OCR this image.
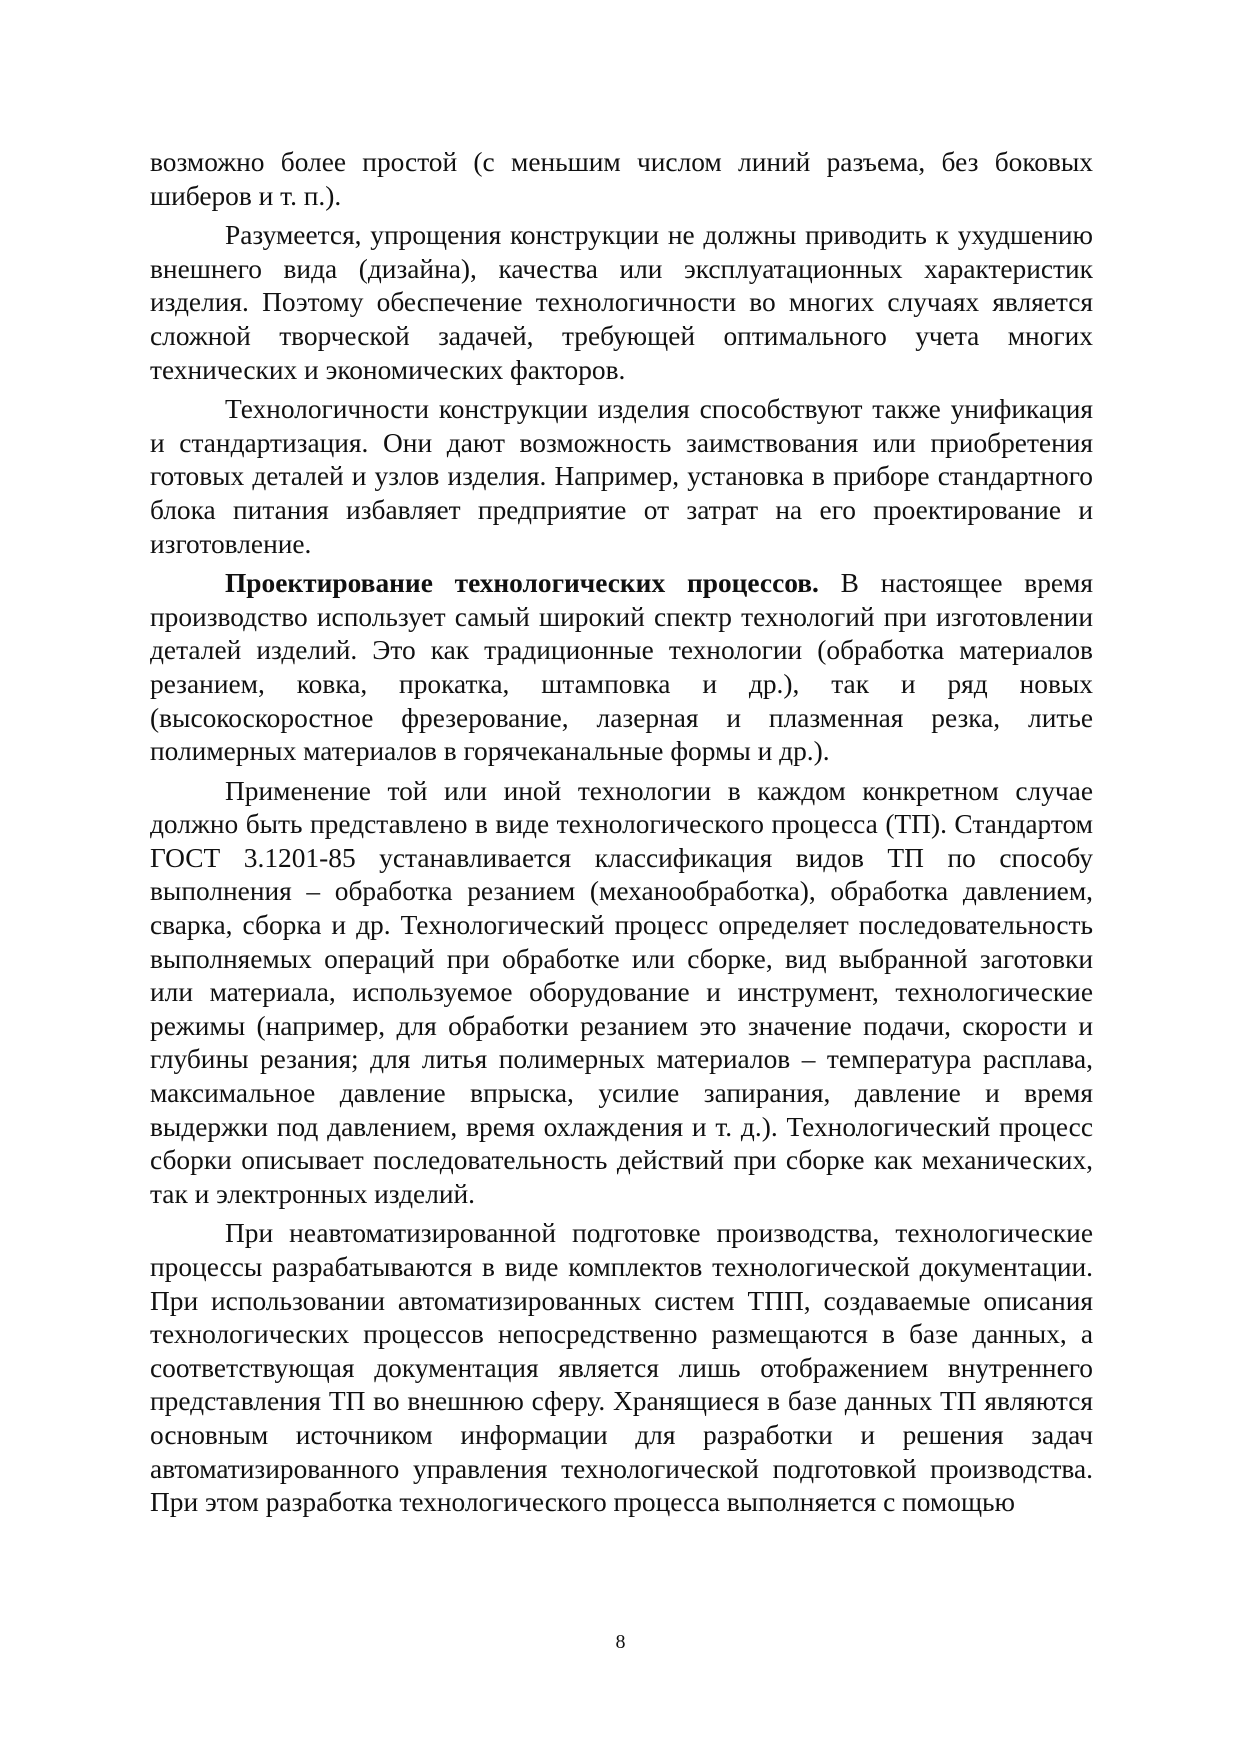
возможно более простой (с меньшим числом линий разъема, без боковых шиберов и т. п.).

Разумеется, упрощения конструкции не должны приводить к ухудшению внешнего вида (дизайна), качества или эксплуатационных характеристик изделия. Поэтому обеспечение технологичности во многих случаях является сложной творческой задачей, требующей оптимального учета многих технических и экономических факторов.

Технологичности конструкции изделия способствуют также унификация и стандартизация. Они дают возможность заимствования или приобретения готовых деталей и узлов изделия. Например, установка в приборе стандартного блока питания избавляет предприятие от затрат на его проектирование и изготовление.

Проектирование технологических процессов. В настоящее время производство использует самый широкий спектр технологий при изготовлении деталей изделий. Это как традиционные технологии (обработка материалов резанием, ковка, прокатка, штамповка и др.), так и ряд новых (высокоскоростное фрезерование, лазерная и плазменная резка, литье полимерных материалов в горячеканальные формы и др.).

Применение той или иной технологии в каждом конкретном случае должно быть представлено в виде технологического процесса (ТП). Стандартом ГОСТ 3.1201-85 устанавливается классификация видов ТП по способу выполнения – обработка резанием (механообработка), обработка давлением, сварка, сборка и др. Технологический процесс определяет последовательность выполняемых операций при обработке или сборке, вид выбранной заготовки или материала, используемое оборудование и инструмент, технологические режимы (например, для обработки резанием это значение подачи, скорости и глубины резания; для литья полимерных материалов – температура расплава, максимальное давление впрыска, усилие запирания, давление и время выдержки под давлением, время охлаждения и т. д.). Технологический процесс сборки описывает последовательность действий при сборке как механических, так и электронных изделий.

При неавтоматизированной подготовке производства, технологические процессы разрабатываются в виде комплектов технологической документации. При использовании автоматизированных систем ТПП, создаваемые описания технологических процессов непосредственно размещаются в базе данных, а соответствующая документация является лишь отображением внутреннего представления ТП во внешнюю сферу. Хранящиеся в базе данных ТП являются основным источником информации для разработки и решения задач автоматизированного управления технологической подготовкой производства. При этом разработка технологического процесса выполняется с помощью

8
